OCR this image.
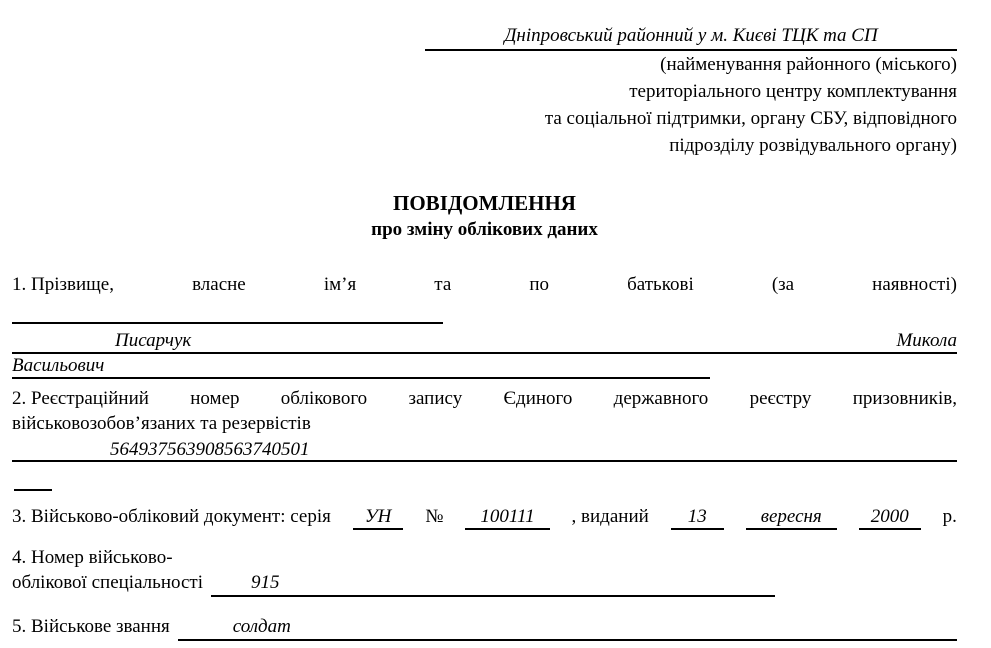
Дніпровський районний у м. Києві ТЦК та СП
(найменування районного (міського)
територіального центру комплектування
та соціальної підтримки, органу СБУ, відповідного
підрозділу розвідувального органу)
ПОВІДОМЛЕННЯ
про зміну облікових даних
1. Прізвище,	власне	ім’я	та	по	батькові	(за	наявності)
Писарчук	Микола
Васильович
2. Реєстраційний номер облікового запису Єдиного державного реєстру призовників,
військовозобов’язаних та резервістів
564937563908563740501
3. Військово-обліковий документ: серія	УН	№	100111	, виданий	13	вересня	2000	р.
4. Номер військово-
облікової спеціальності	915
5. Військове звання	солдат
